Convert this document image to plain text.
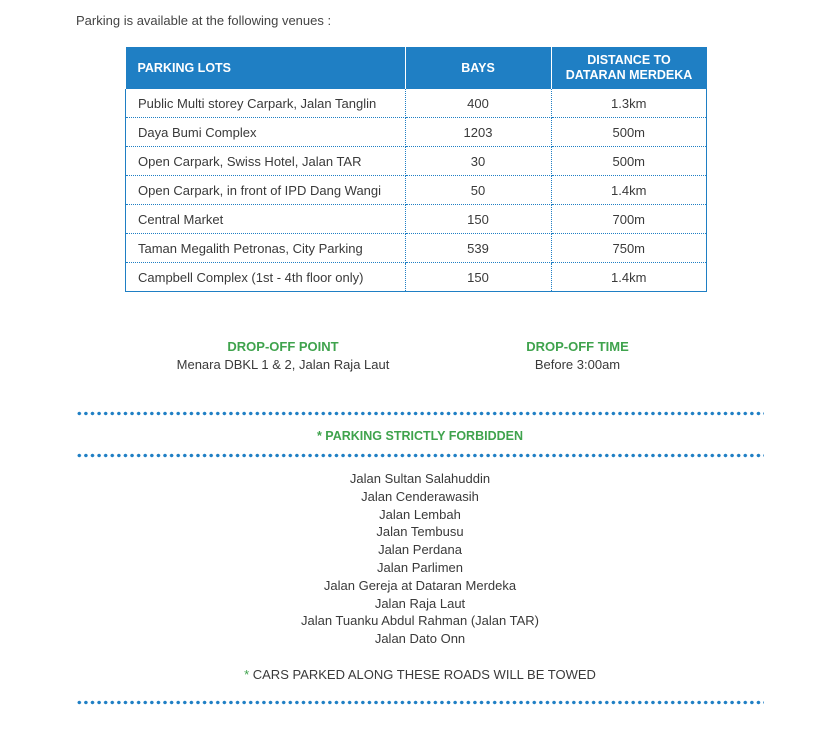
Parking is available at the following venues :
PARKING LOTS	BAYS	DISTANCE TO
DATARAN MERDEKA
Public Multi storey Carpark, Jalan Tanglin	400	1.3km
Daya Bumi Complex	1203	500m
Open Carpark, Swiss Hotel, Jalan TAR	30	500m
Open Carpark, in front of IPD Dang Wangi	50	1.4km
Central Market	150	700m
Taman Megalith Petronas, City Parking	539	750m
Campbell Complex (1st - 4th floor only)	150	1.4km
DROP-OFF POINT
Menara DBKL 1 & 2, Jalan Raja Laut
DROP-OFF TIME
Before 3:00am
* PARKING STRICTLY FORBIDDEN
Jalan Sultan Salahuddin
Jalan Cenderawasih
Jalan Lembah
Jalan Tembusu
Jalan Perdana
Jalan Parlimen
Jalan Gereja at Dataran Merdeka
Jalan Raja Laut
Jalan Tuanku Abdul Rahman (Jalan TAR)
Jalan Dato Onn
* CARS PARKED ALONG THESE ROADS WILL BE TOWED
